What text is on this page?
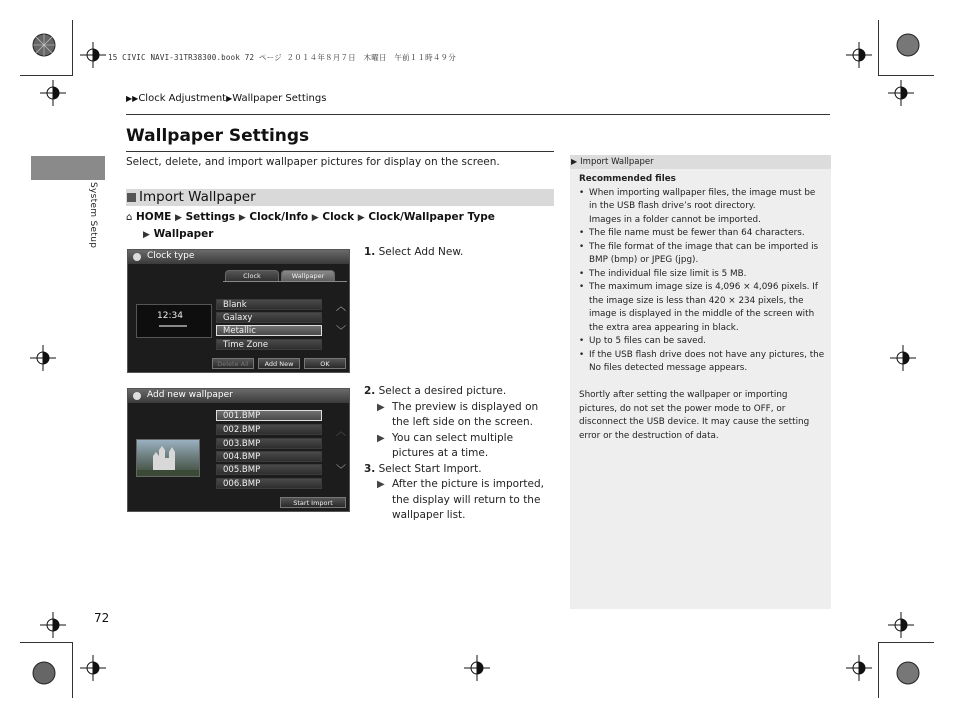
15 CIVIC NAVI-31TR38300.book 72 ページ ２０１４年８月７日　木曜日　午前１１時４９分
▶▶Clock Adjustment▶Wallpaper Settings
System Setup
Wallpaper Settings
Select, delete, and import wallpaper pictures for display on the screen.
Import Wallpaper
⌂ HOME ▶ Settings ▶ Clock/Info ▶ Clock ▶ Clock/Wallpaper Type
▶ Wallpaper
Clock type
Clock	Wallpaper
12:34
Blank
Galaxy
Metallic
Time Zone
︿
﹀
Delete All	Add New	OK
Add new wallpaper
001.BMP
002.BMP
003.BMP
004.BMP
005.BMP
006.BMP
︿
﹀
Start Import
1. Select Add New.
2. Select a desired picture.
▶ The preview is displayed on the left side on the screen.
▶ You can select multiple pictures at a time.
3. Select Start Import.
▶ After the picture is imported, the display will return to the wallpaper list.
▶ Import Wallpaper
Recommended files
• When importing wallpaper files, the image must be in the USB flash drive’s root directory.
Images in a folder cannot be imported.
• The file name must be fewer than 64 characters.
• The file format of the image that can be imported is BMP (bmp) or JPEG (jpg).
• The individual file size limit is 5 MB.
• The maximum image size is 4,096 × 4,096 pixels. If the image size is less than 420 × 234 pixels, the image is displayed in the middle of the screen with the extra area appearing in black.
• Up to 5 files can be saved.
• If the USB flash drive does not have any pictures, the No files detected message appears.
Shortly after setting the wallpaper or importing pictures, do not set the power mode to OFF, or disconnect the USB device. It may cause the setting error or the destruction of data.
72
